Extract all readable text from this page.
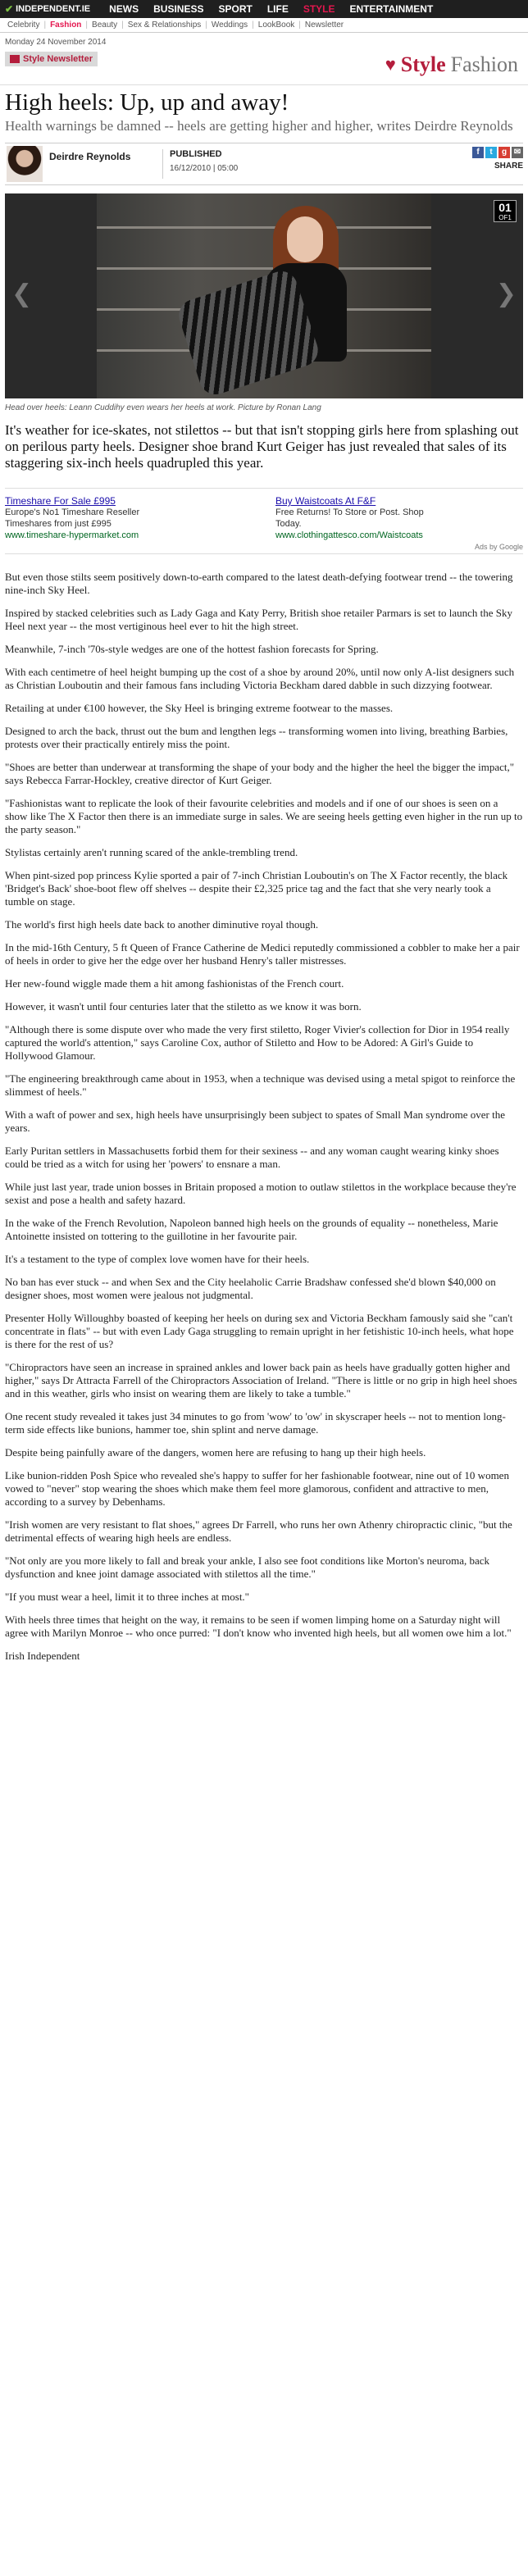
✔ INDEPENDENT.IE	NEWS	BUSINESS	SPORT	LIFE	STYLE	ENTERTAINMENT
Celebrity | Fashion | Beauty | Sex & Relationships | Weddings | LookBook | Newsletter
Monday 24 November 2014
Style Newsletter	♥ Style Fashion
High heels: Up, up and away!
Health warnings be damned -- heels are getting higher and higher, writes Deirdre Reynolds
Deirdre Reynolds	PUBLISHED
16/12/2010 | 05:00
f	t	g ✉
SHARE
❮
01
OF1
❯
Head over heels: Leann Cuddihy even wears her heels at work. Picture by Ronan Lang
It's weather for ice-skates, not stilettos -- but that isn't stopping girls here from splashing out on perilous party heels. Designer shoe brand Kurt Geiger has just revealed that sales of its staggering six-inch heels quadrupled this year.
Timeshare For Sale £995
Europe's No1 Timeshare Reseller
Timeshares from just £995
www.timeshare-hypermarket.com
Buy Waistcoats At F&F
Free Returns! To Store or Post. Shop
Today.
www.clothingattesco.com/Waistcoats
Ads by Google

But even those stilts seem positively down-to-earth compared to the latest death-defying footwear trend -- the towering nine-inch Sky Heel.

Inspired by stacked celebrities such as Lady Gaga and Katy Perry, British shoe retailer Parmars is set to launch the Sky Heel next year -- the most vertiginous heel ever to hit the high street.

Meanwhile, 7-inch '70s-style wedges are one of the hottest fashion forecasts for Spring.

With each centimetre of heel height bumping up the cost of a shoe by around 20%, until now only A-list designers such as Christian Louboutin and their famous fans including Victoria Beckham dared dabble in such dizzying footwear.

Retailing at under €100 however, the Sky Heel is bringing extreme footwear to the masses.

Designed to arch the back, thrust out the bum and lengthen legs -- transforming women into living, breathing Barbies, protests over their practically entirely miss the point.

"Shoes are better than underwear at transforming the shape of your body and the higher the heel the bigger the impact," says Rebecca Farrar-Hockley, creative director of Kurt Geiger.

"Fashionistas want to replicate the look of their favourite celebrities and models and if one of our shoes is seen on a show like The X Factor then there is an immediate surge in sales. We are seeing heels getting even higher in the run up to the party season."

Stylistas certainly aren't running scared of the ankle-trembling trend.

When pint-sized pop princess Kylie sported a pair of 7-inch Christian Louboutin's on The X Factor recently, the black 'Bridget's Back' shoe-boot flew off shelves -- despite their £2,325 price tag and the fact that she very nearly took a tumble on stage.

The world's first high heels date back to another diminutive royal though.

In the mid-16th Century, 5 ft Queen of France Catherine de Medici reputedly commissioned a cobbler to make her a pair of heels in order to give her the edge over her husband Henry's taller mistresses.

Her new-found wiggle made them a hit among fashionistas of the French court.

However, it wasn't until four centuries later that the stiletto as we know it was born.

"Although there is some dispute over who made the very first stiletto, Roger Vivier's collection for Dior in 1954 really captured the world's attention," says Caroline Cox, author of Stiletto and How to be Adored: A Girl's Guide to Hollywood Glamour.

"The engineering breakthrough came about in 1953, when a technique was devised using a metal spigot to reinforce the slimmest of heels."

With a waft of power and sex, high heels have unsurprisingly been subject to spates of Small Man syndrome over the years.

Early Puritan settlers in Massachusetts forbid them for their sexiness -- and any woman caught wearing kinky shoes could be tried as a witch for using her 'powers' to ensnare a man.

While just last year, trade union bosses in Britain proposed a motion to outlaw stilettos in the workplace because they're sexist and pose a health and safety hazard.

In the wake of the French Revolution, Napoleon banned high heels on the grounds of equality -- nonetheless, Marie Antoinette insisted on tottering to the guillotine in her favourite pair.

It's a testament to the type of complex love women have for their heels.

No ban has ever stuck -- and when Sex and the City heelaholic Carrie Bradshaw confessed she'd blown $40,000 on designer shoes, most women were jealous not judgmental.

Presenter Holly Willoughby boasted of keeping her heels on during sex and Victoria Beckham famously said she "can't concentrate in flats" -- but with even Lady Gaga struggling to remain upright in her fetishistic 10-inch heels, what hope is there for the rest of us?

"Chiropractors have seen an increase in sprained ankles and lower back pain as heels have gradually gotten higher and higher," says Dr Attracta Farrell of the Chiropractors Association of Ireland. "There is little or no grip in high heel shoes and in this weather, girls who insist on wearing them are likely to take a tumble."

One recent study revealed it takes just 34 minutes to go from 'wow' to 'ow' in skyscraper heels -- not to mention long-term side effects like bunions, hammer toe, shin splint and nerve damage.

Despite being painfully aware of the dangers, women here are refusing to hang up their high heels.

Like bunion-ridden Posh Spice who revealed she's happy to suffer for her fashionable footwear, nine out of 10 women vowed to "never" stop wearing the shoes which make them feel more glamorous, confident and attractive to men, according to a survey by Debenhams.

"Irish women are very resistant to flat shoes," agrees Dr Farrell, who runs her own Athenry chiropractic clinic, "but the detrimental effects of wearing high heels are endless.

"Not only are you more likely to fall and break your ankle, I also see foot conditions like Morton's neuroma, back dysfunction and knee joint damage associated with stilettos all the time."

"If you must wear a heel, limit it to three inches at most."

With heels three times that height on the way, it remains to be seen if women limping home on a Saturday night will agree with Marilyn Monroe -- who once purred: "I don't know who invented high heels, but all women owe him a lot."

Irish Independent
